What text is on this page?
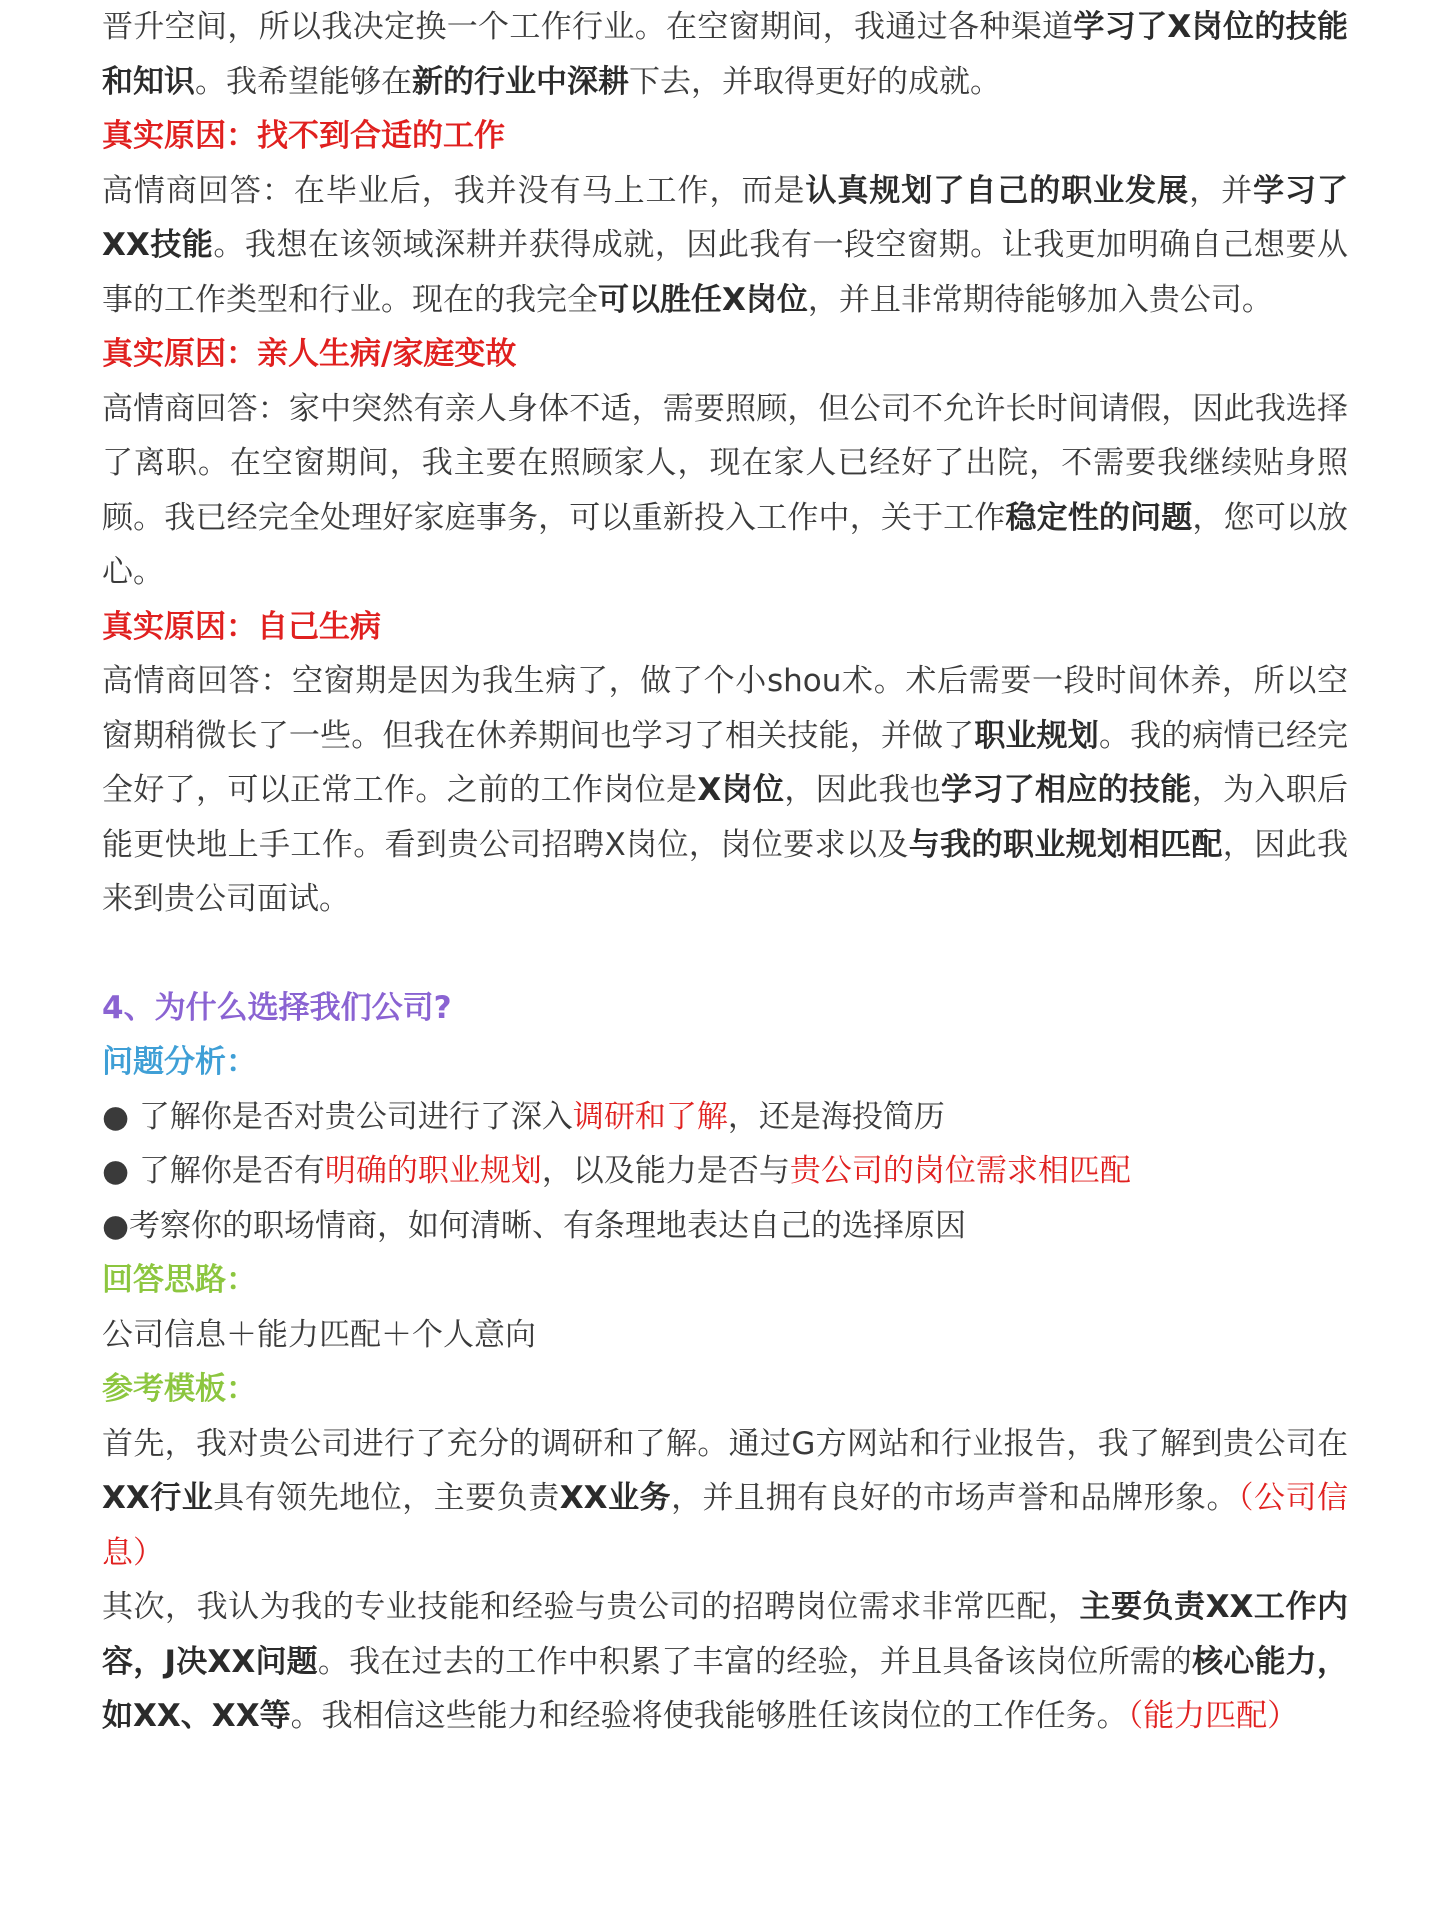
晋升空间，所以我决定换一个工作行业。在空窗期间，我通过各种渠道学习了X岗位的技能和知识。我希望能够在新的行业中深耕下去，并取得更好的成就。

真实原因：找不到合适的工作

高情商回答：在毕业后，我并没有马上工作，而是认真规划了自己的职业发展，并学习了XX技能。我想在该领域深耕并获得成就，因此我有一段空窗期。让我更加明确自己想要从事的工作类型和行业。现在的我完全可以胜任X岗位，并且非常期待能够加入贵公司。

真实原因：亲人生病/家庭变故

高情商回答：家中突然有亲人身体不适，需要照顾，但公司不允许长时间请假，因此我选择了离职。在空窗期间，我主要在照顾家人，现在家人已经好了出院，不需要我继续贴身照顾。我已经完全处理好家庭事务，可以重新投入工作中，关于工作稳定性的问题，您可以放心。

真实原因：自己生病

高情商回答：空窗期是因为我生病了，做了个小shou术。术后需要一段时间休养，所以空窗期稍微长了一些。但我在休养期间也学习了相关技能，并做了职业规划。我的病情已经完全好了，可以正常工作。之前的工作岗位是X岗位，因此我也学习了相应的技能，为入职后能更快地上手工作。看到贵公司招聘X岗位，岗位要求以及与我的职业规划相匹配，因此我来到贵公司面试。

4、为什么选择我们公司?

问题分析：

● 了解你是否对贵公司进行了深入调研和了解，还是海投简历

● 了解你是否有明确的职业规划，以及能力是否与贵公司的岗位需求相匹配

●考察你的职场情商，如何清晰、有条理地表达自己的选择原因

回答思路：

公司信息＋能力匹配＋个人意向

参考模板：

首先，我对贵公司进行了充分的调研和了解。通过G方网站和行业报告，我了解到贵公司在XX行业具有领先地位，主要负责XX业务，并且拥有良好的市场声誉和品牌形象。（公司信息）

其次，我认为我的专业技能和经验与贵公司的招聘岗位需求非常匹配，主要负责XX工作内容，J决XX问题。我在过去的工作中积累了丰富的经验，并且具备该岗位所需的核心能力，如XX、XX等。我相信这些能力和经验将使我能够胜任该岗位的工作任务。（能力匹配）
